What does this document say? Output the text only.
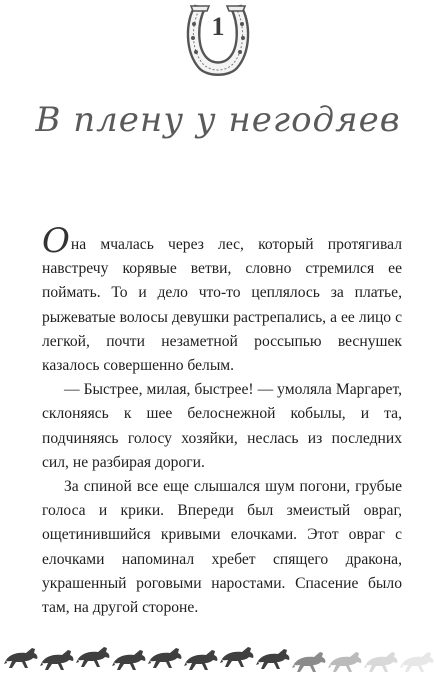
1
В плену у негодяев

Она мчалась через лес, который протягивал навстречу корявые ветви, словно стремился ее поймать. То и дело что-то цеплялось за платье, рыжеватые волосы девушки растрепались, а ее лицо с легкой, почти незаметной россыпью веснушек казалось совершенно белым.

— Быстрее, милая, быстрее! — умоляла Маргарет, склоняясь к шее белоснежной кобылы, и та, подчиняясь голосу хозяйки, неслась из последних сил, не разбирая дороги.

За спиной все еще слышался шум погони, грубые голоса и крики. Впереди был змеистый овраг, ощетинившийся кривыми елочками. Этот овраг с елочками напоминал хребет спящего дракона, украшенный роговыми наростами. Спасение было там, на другой стороне.
